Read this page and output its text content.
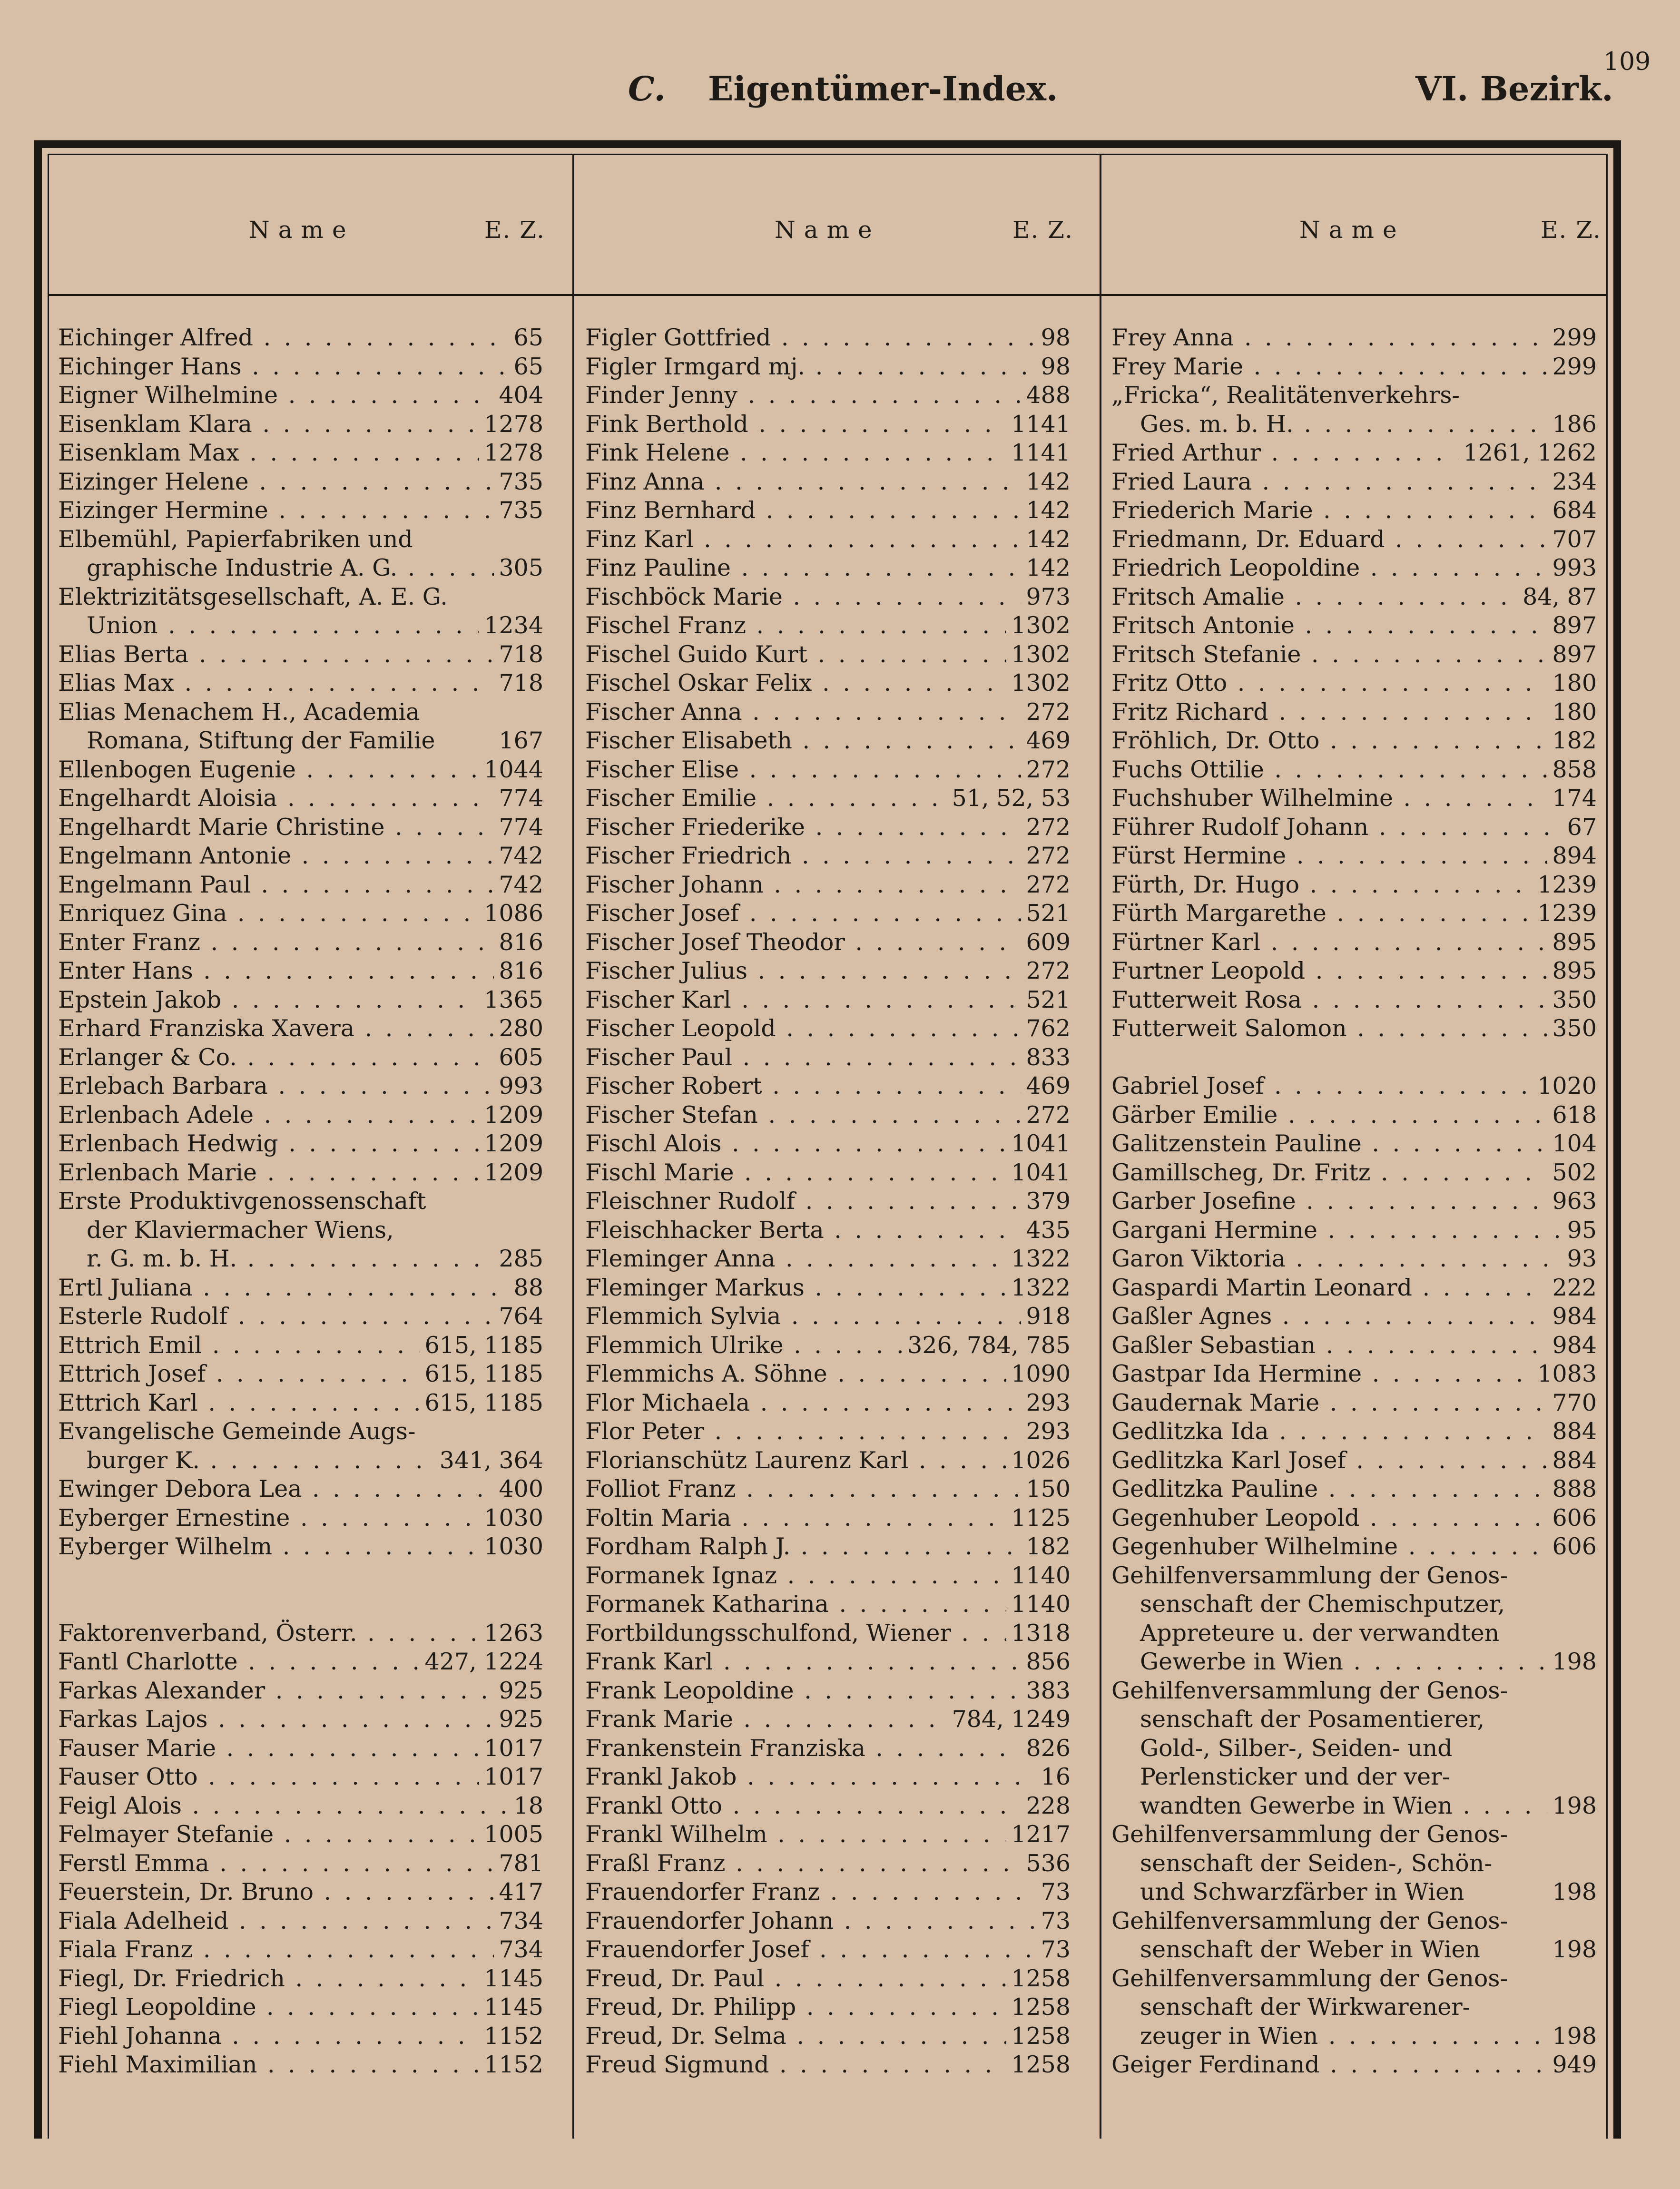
109
C. Eigentümer-Index.	VI. Bezirk.
Name	E. Z.	Name	E. Z.	Name	E. Z.
Eichinger Alfred . . .	65
Eichinger Hans . . .	65
Eigner Wilhelmine . . .	404
Eisenklam Klara . . .	1278
Eisenklam Max . . .	1278
Eizinger Helene . . .	735
Eizinger Hermine . . .	735
Elbemühl, Papierfabriken und
graphische Industrie A. G. . . .	305
Elektrizitätsgesellschaft, A. E. G.
Union . . .	1234
Elias Berta . . .	718
Elias Max . . .	718
Elias Menachem H., Academia
Romana, Stiftung der Familie	167
Ellenbogen Eugenie . . .	1044
Engelhardt Aloisia . . .	774
Engelhardt Marie Christine . . .	774
Engelmann Antonie . . .	742
Engelmann Paul . . .	742
Enriquez Gina . . .	1086
Enter Franz . . .	816
Enter Hans . . .	816
Epstein Jakob . . .	1365
Erhard Franziska Xavera . . .	280
Erlanger & Co. . . .	605
Erlebach Barbara . . .	993
Erlenbach Adele . . .	1209
Erlenbach Hedwig . . .	1209
Erlenbach Marie . . .	1209
Erste Produktivgenossenschaft
der Klaviermacher Wiens,
r. G. m. b. H. . . .	285
Ertl Juliana . . .	88
Esterle Rudolf . . .	764
Ettrich Emil . . .	615, 1185
Ettrich Josef . . .	615, 1185
Ettrich Karl . . .	615, 1185
Evangelische Gemeinde Augs-
burger K. . . .	341, 364
Ewinger Debora Lea . . .	400
Eyberger Ernestine . . .	1030
Eyberger Wilhelm . . .	1030
Faktorenverband, Österr. . . .	1263
Fantl Charlotte . . .	427, 1224
Farkas Alexander . . .	925
Farkas Lajos . . .	925
Fauser Marie . . .	1017
Fauser Otto . . .	1017
Feigl Alois . . .	18
Felmayer Stefanie . . .	1005
Ferstl Emma . . .	781
Feuerstein, Dr. Bruno . . .	417
Fiala Adelheid . . .	734
Fiala Franz . . .	734
Fiegl, Dr. Friedrich . . .	1145
Fiegl Leopoldine . . .	1145
Fiehl Johanna . . .	1152
Fiehl Maximilian . . .	1152
Figler Gottfried . . .	98
Figler Irmgard mj. . . .	98
Finder Jenny . . .	488
Fink Berthold . . .	1141
Fink Helene . . .	1141
Finz Anna . . .	142
Finz Bernhard . . .	142
Finz Karl . . .	142
Finz Pauline . . .	142
Fischböck Marie . . .	973
Fischel Franz . . .	1302
Fischel Guido Kurt . . .	1302
Fischel Oskar Felix . . .	1302
Fischer Anna . . .	272
Fischer Elisabeth . . .	469
Fischer Elise . . .	272
Fischer Emilie . . .	51, 52, 53
Fischer Friederike . . .	272
Fischer Friedrich . . .	272
Fischer Johann . . .	272
Fischer Josef . . .	521
Fischer Josef Theodor . . .	609
Fischer Julius . . .	272
Fischer Karl . . .	521
Fischer Leopold . . .	762
Fischer Paul . . .	833
Fischer Robert . . .	469
Fischer Stefan . . .	272
Fischl Alois . . .	1041
Fischl Marie . . .	1041
Fleischner Rudolf . . .	379
Fleischhacker Berta . . .	435
Fleminger Anna . . .	1322
Fleminger Markus . . .	1322
Flemmich Sylvia . . .	918
Flemmich Ulrike . . .	326, 784, 785
Flemmichs A. Söhne . . .	1090
Flor Michaela . . .	293
Flor Peter . . .	293
Florianschütz Laurenz Karl . . .	1026
Folliot Franz . . .	150
Foltin Maria . . .	1125
Fordham Ralph J. . . .	182
Formanek Ignaz . . .	1140
Formanek Katharina . . .	1140
Fortbildungsschulfond, Wiener . . .	1318
Frank Karl . . .	856
Frank Leopoldine . . .	383
Frank Marie . . .	784, 1249
Frankenstein Franziska . . .	826
Frankl Jakob . . .	16
Frankl Otto . . .	228
Frankl Wilhelm . . .	1217
Fraßl Franz . . .	536
Frauendorfer Franz . . .	73
Frauendorfer Johann . . .	73
Frauendorfer Josef . . .	73
Freud, Dr. Paul . . .	1258
Freud, Dr. Philipp . . .	1258
Freud, Dr. Selma . . .	1258
Freud Sigmund . . .	1258
Frey Anna . . .	299
Frey Marie . . .	299
„Fricka“, Realitätenverkehrs-
Ges. m. b. H. . . .	186
Fried Arthur . . .	1261, 1262
Fried Laura . . .	234
Friederich Marie . . .	684
Friedmann, Dr. Eduard . . .	707
Friedrich Leopoldine . . .	993
Fritsch Amalie . . .	84, 87
Fritsch Antonie . . .	897
Fritsch Stefanie . . .	897
Fritz Otto . . .	180
Fritz Richard . . .	180
Fröhlich, Dr. Otto . . .	182
Fuchs Ottilie . . .	858
Fuchshuber Wilhelmine . . .	174
Führer Rudolf Johann . . .	67
Fürst Hermine . . .	894
Fürth, Dr. Hugo . . .	1239
Fürth Margarethe . . .	1239
Fürtner Karl . . .	895
Furtner Leopold . . .	895
Futterweit Rosa . . .	350
Futterweit Salomon . . .	350
Gabriel Josef . . .	1020
Gärber Emilie . . .	618
Galitzenstein Pauline . . .	104
Gamillscheg, Dr. Fritz . . .	502
Garber Josefine . . .	963
Gargani Hermine . . .	95
Garon Viktoria . . .	93
Gaspardi Martin Leonard . . .	222
Gaßler Agnes . . .	984
Gaßler Sebastian . . .	984
Gastpar Ida Hermine . . .	1083
Gaudernak Marie . . .	770
Gedlitzka Ida . . .	884
Gedlitzka Karl Josef . . .	884
Gedlitzka Pauline . . .	888
Gegenhuber Leopold . . .	606
Gegenhuber Wilhelmine . . .	606
Gehilfenversammlung der Genos-
senschaft der Chemischputzer,
Appreteure u. der verwandten
Gewerbe in Wien . . .	198
Gehilfenversammlung der Genos-
senschaft der Posamentierer,
Gold-, Silber-, Seiden- und
Perlensticker und der ver-
wandten Gewerbe in Wien . . .	198
Gehilfenversammlung der Genos-
senschaft der Seiden-, Schön-
und Schwarzfärber in Wien	198
Gehilfenversammlung der Genos-
senschaft der Weber in Wien	198
Gehilfenversammlung der Genos-
senschaft der Wirkwarener-
zeuger in Wien . . .	198
Geiger Ferdinand . . .	949
